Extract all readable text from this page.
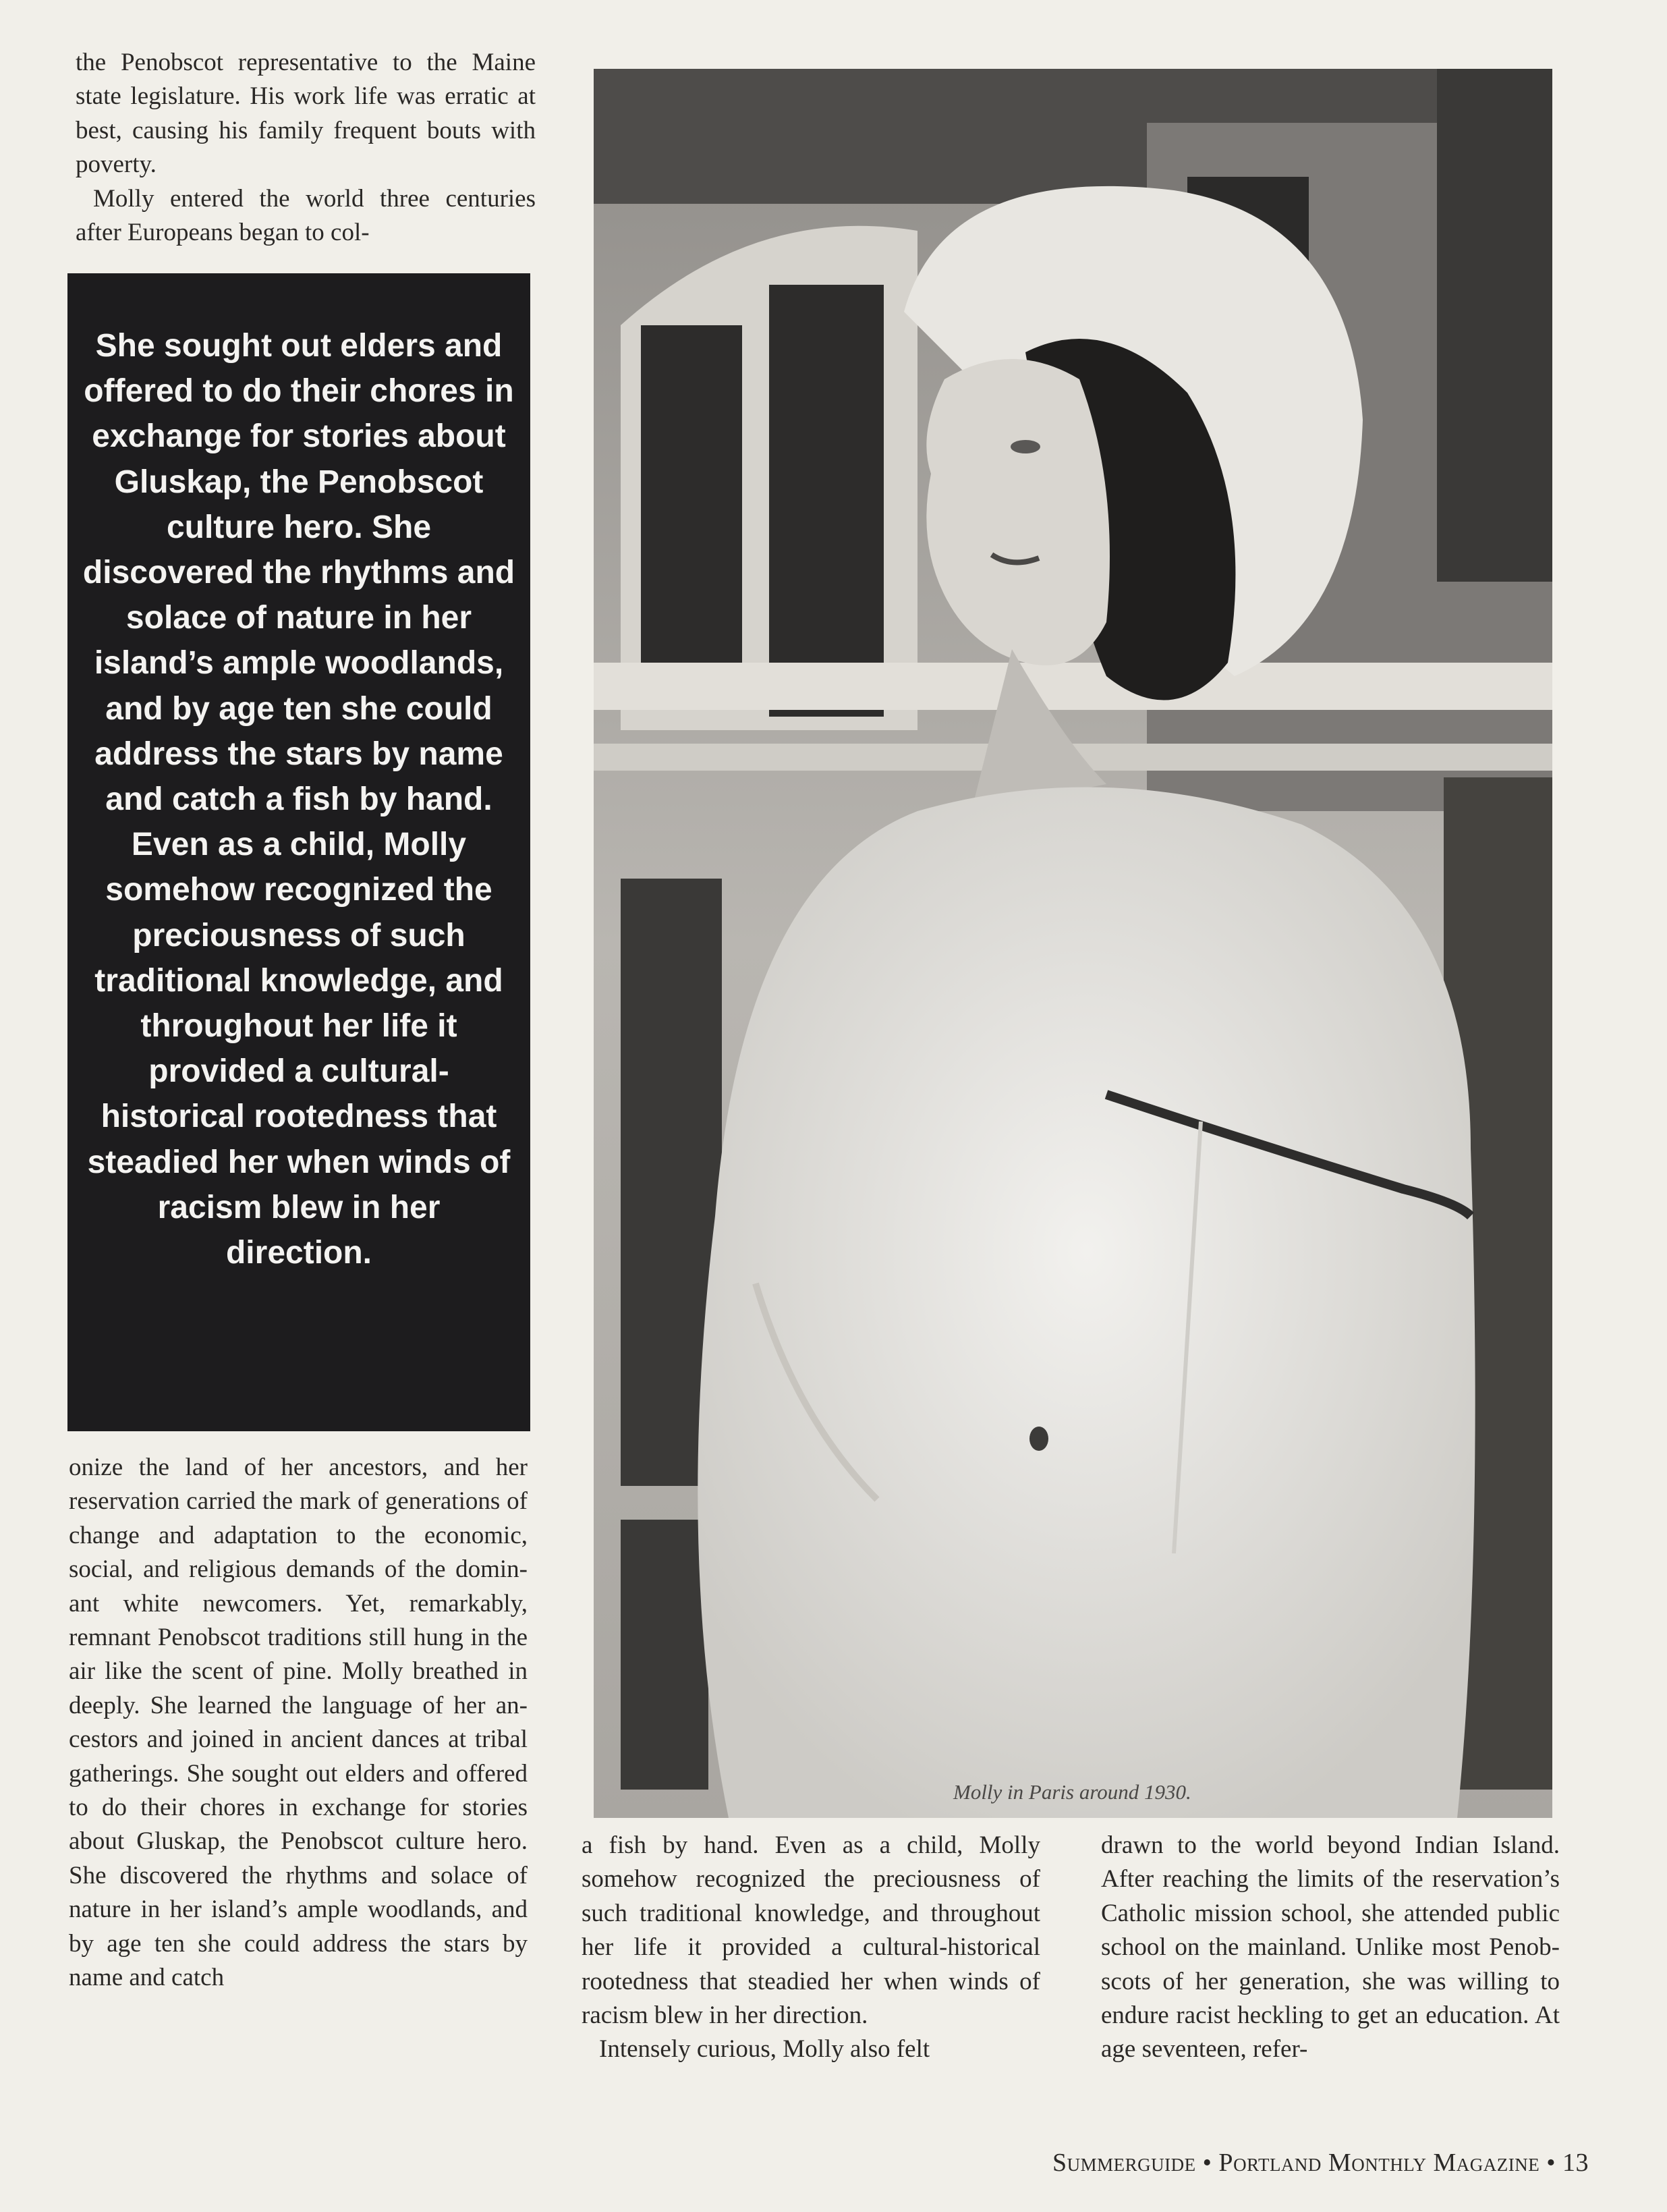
the Penobscot representative to the Maine state legislature. His work life was erratic at best, causing his family frequent bouts with poverty.

Molly entered the world three centuries after Europeans began to col-

She sought out elders and offered to do their chores in exchange for stories about Gluskap, the Penobscot culture hero. She discovered the rhythms and solace of nature in her island’s ample woodlands, and by age ten she could address the stars by name and catch a fish by hand. Even as a child, Molly somehow recognized the preciousness of such traditional knowledge, and throughout her life it provided a cultural-historical rootedness that steadied her when winds of racism blew in her direction.

onize the land of her ancestors, and her reservation carried the mark of generations of change and adaptation to the economic, social, and religious demands of the dominant white newcomers. Yet, remarkably, remnant Penobscot traditions still hung in the air like the scent of pine. Molly breathed in deeply. She learned the language of her ancestors and joined in ancient dances at tribal gatherings. She sought out elders and offered to do their chores in exchange for stories about Gluskap, the Penobscot culture hero. She discovered the rhythms and solace of nature in her island’s ample woodlands, and by age ten she could address the stars by name and catch

Molly in Paris around 1930.

a fish by hand. Even as a child, Molly somehow recognized the preciousness of such traditional knowledge, and throughout her life it provided a cultural-historical rootedness that steadied her when winds of racism blew in her direction.

Intensely curious, Molly also felt

drawn to the world beyond Indian Island. After reaching the limits of the reservation’s Catholic mission school, she attended public school on the mainland. Unlike most Penobscots of her generation, she was willing to endure racist heckling to get an education. At age seventeen, refer-

Summerguide • Portland Monthly Magazine • 13
